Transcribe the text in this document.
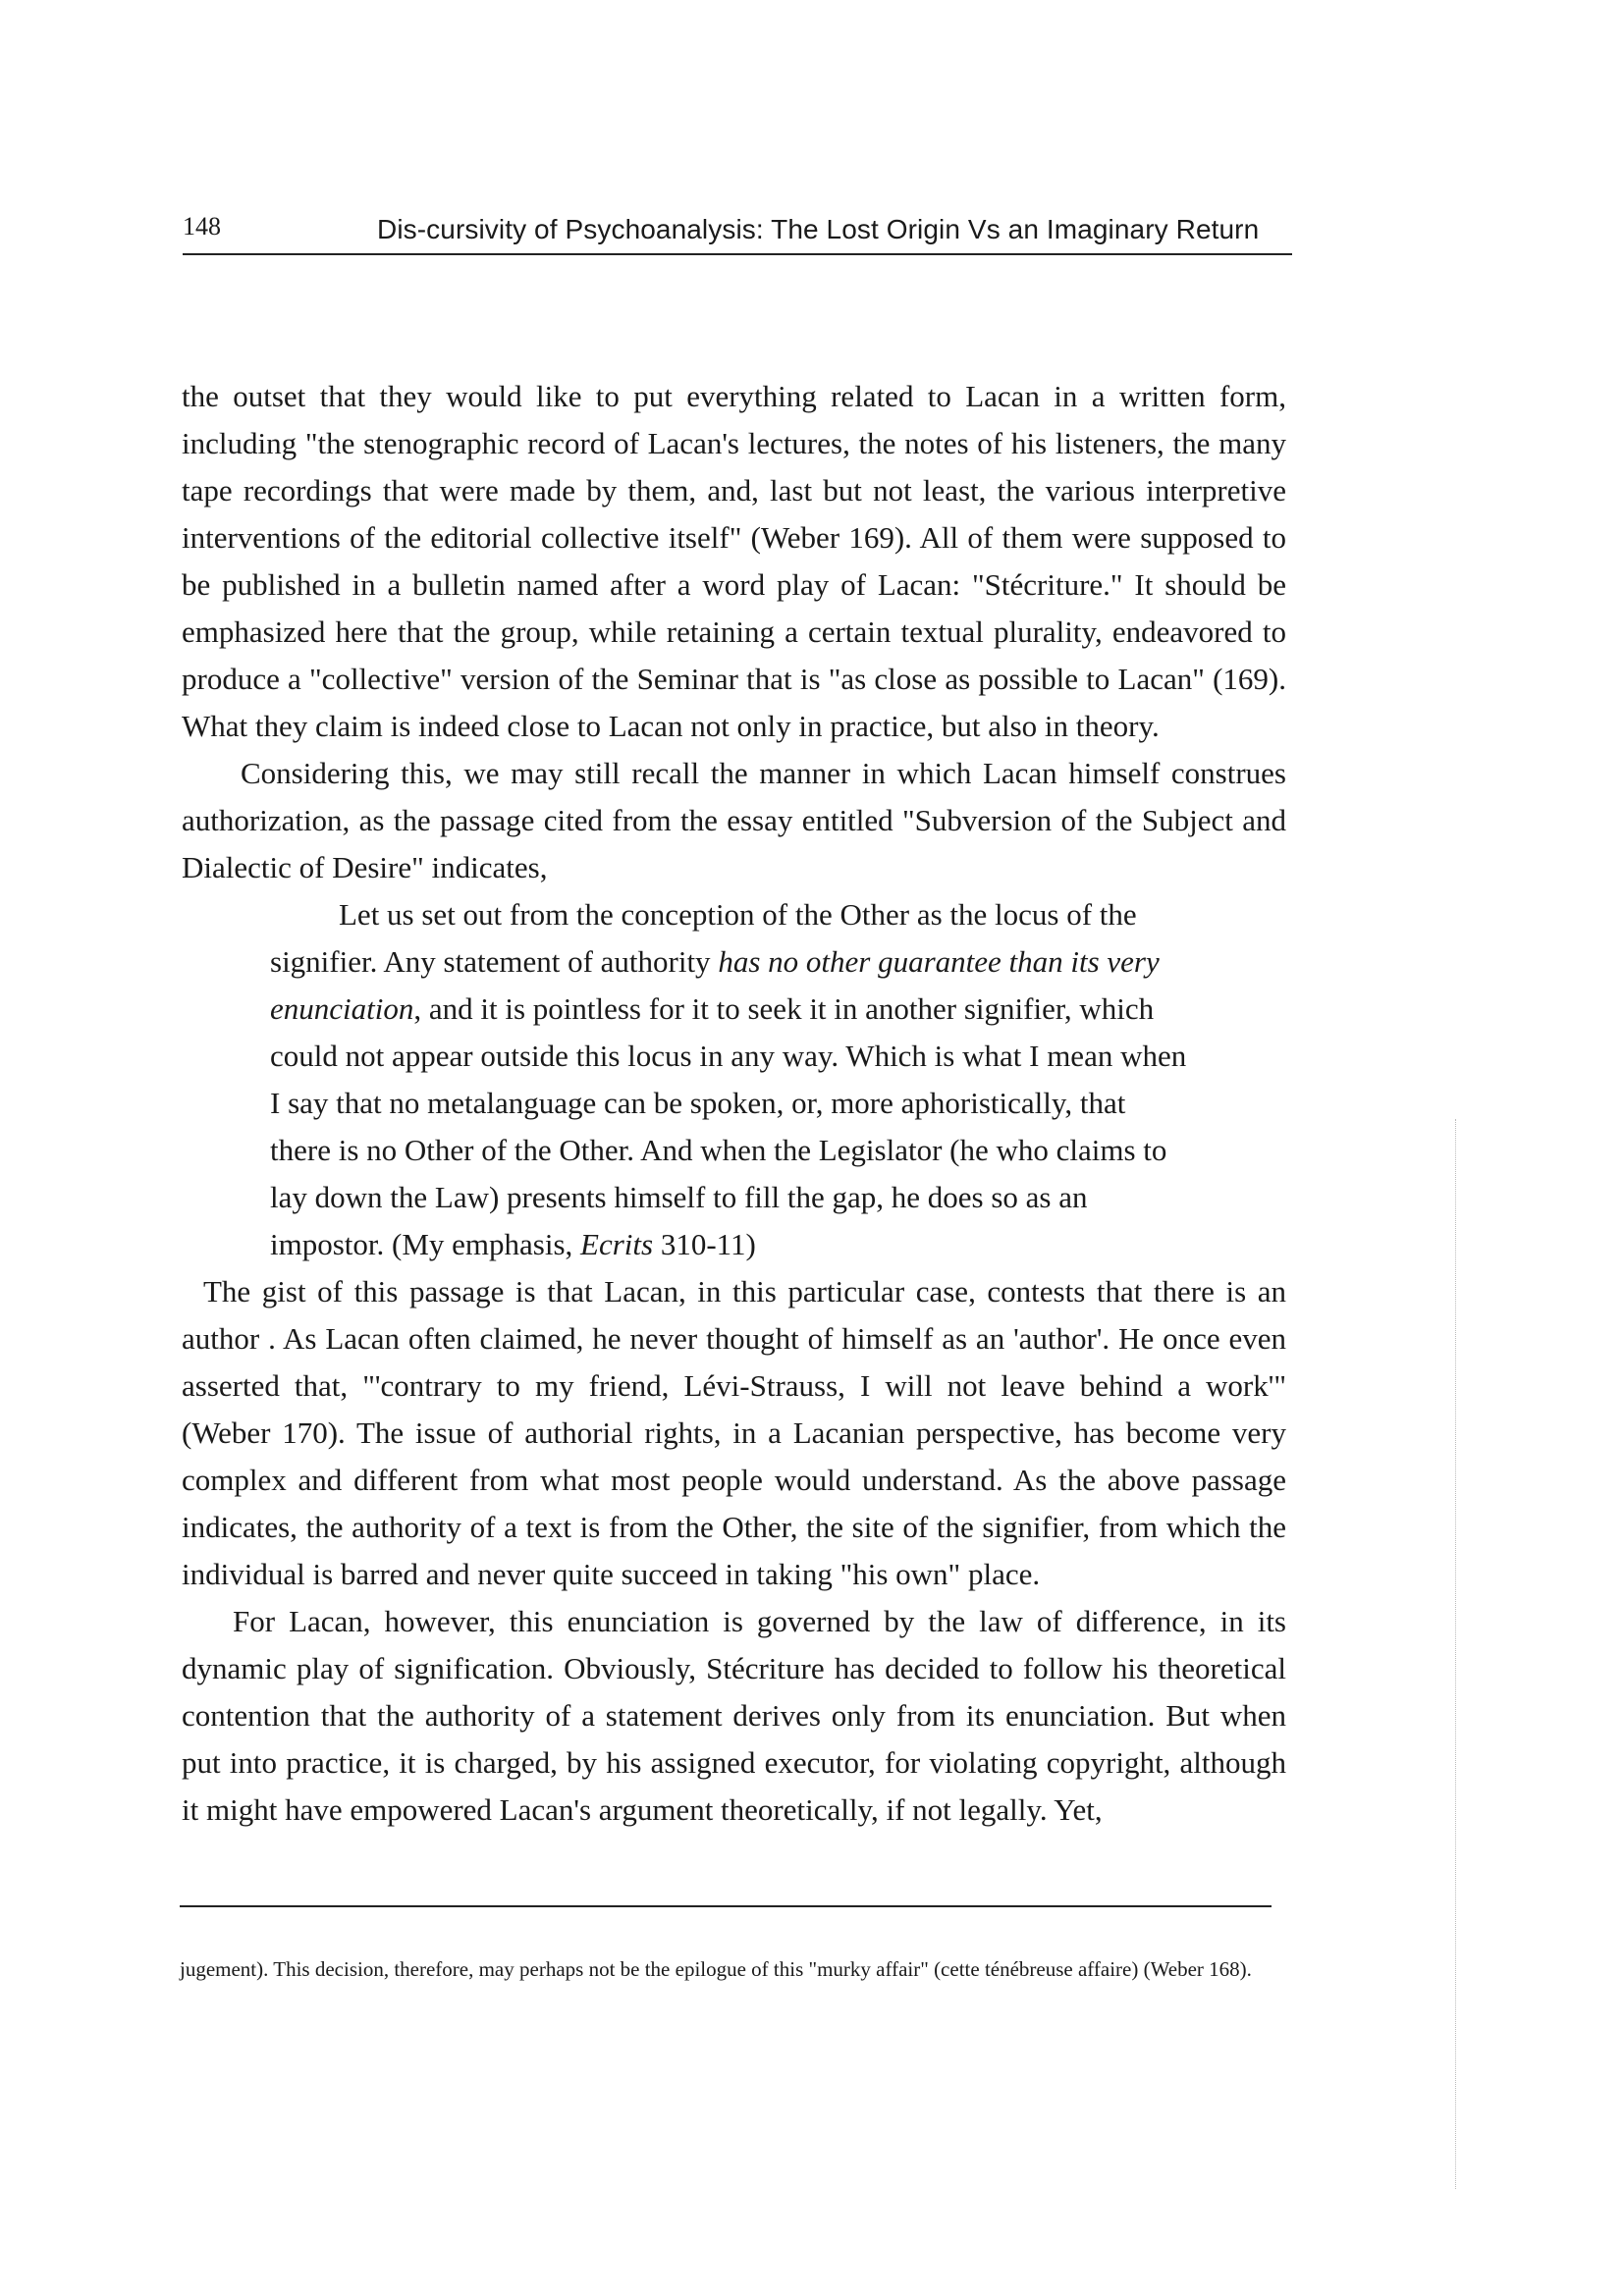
148	Dis-cursivity of Psychoanalysis: The Lost Origin Vs an Imaginary Return

the outset that they would like to put everything related to Lacan in a written form, including "the stenographic record of Lacan's lectures, the notes of his listeners, the many tape recordings that were made by them, and, last but not least, the various interpretive interventions of the editorial collective itself" (Weber 169). All of them were supposed to be published in a bulletin named after a word play of Lacan: "Stécriture." It should be emphasized here that the group, while retaining a certain textual plurality, endeavored to produce a "collective" version of the Seminar that is "as close as possible to Lacan" (169). What they claim is indeed close to Lacan not only in practice, but also in theory.

Considering this, we may still recall the manner in which Lacan himself construes authorization, as the passage cited from the essay entitled "Subversion of the Subject and Dialectic of Desire" indicates,

Let us set out from the conception of the Other as the locus of the signifier. Any statement of authority has no other guarantee than its very enunciation, and it is pointless for it to seek it in another signifier, which could not appear outside this locus in any way. Which is what I mean when I say that no metalanguage can be spoken, or, more aphoristically, that there is no Other of the Other. And when the Legislator (he who claims to lay down the Law) presents himself to fill the gap, he does so as an impostor. (My emphasis, Ecrits 310-11)

The gist of this passage is that Lacan, in this particular case, contests that there is an author . As Lacan often claimed, he never thought of himself as an 'author'. He once even asserted that, "'contrary to my friend, Lévi-Strauss, I will not leave behind a work'" (Weber 170). The issue of authorial rights, in a Lacanian perspective, has become very complex and different from what most people would understand. As the above passage indicates, the authority of a text is from the Other, the site of the signifier, from which the individual is barred and never quite succeed in taking "his own" place.

For Lacan, however, this enunciation is governed by the law of difference, in its dynamic play of signification. Obviously, Stécriture has decided to follow his theoretical contention that the authority of a statement derives only from its enunciation. But when put into practice, it is charged, by his assigned executor, for violating copyright, although it might have empowered Lacan's argument theoretically, if not legally. Yet,

jugement). This decision, therefore, may perhaps not be the epilogue of this "murky affair" (cette ténébreuse affaire) (Weber 168).
